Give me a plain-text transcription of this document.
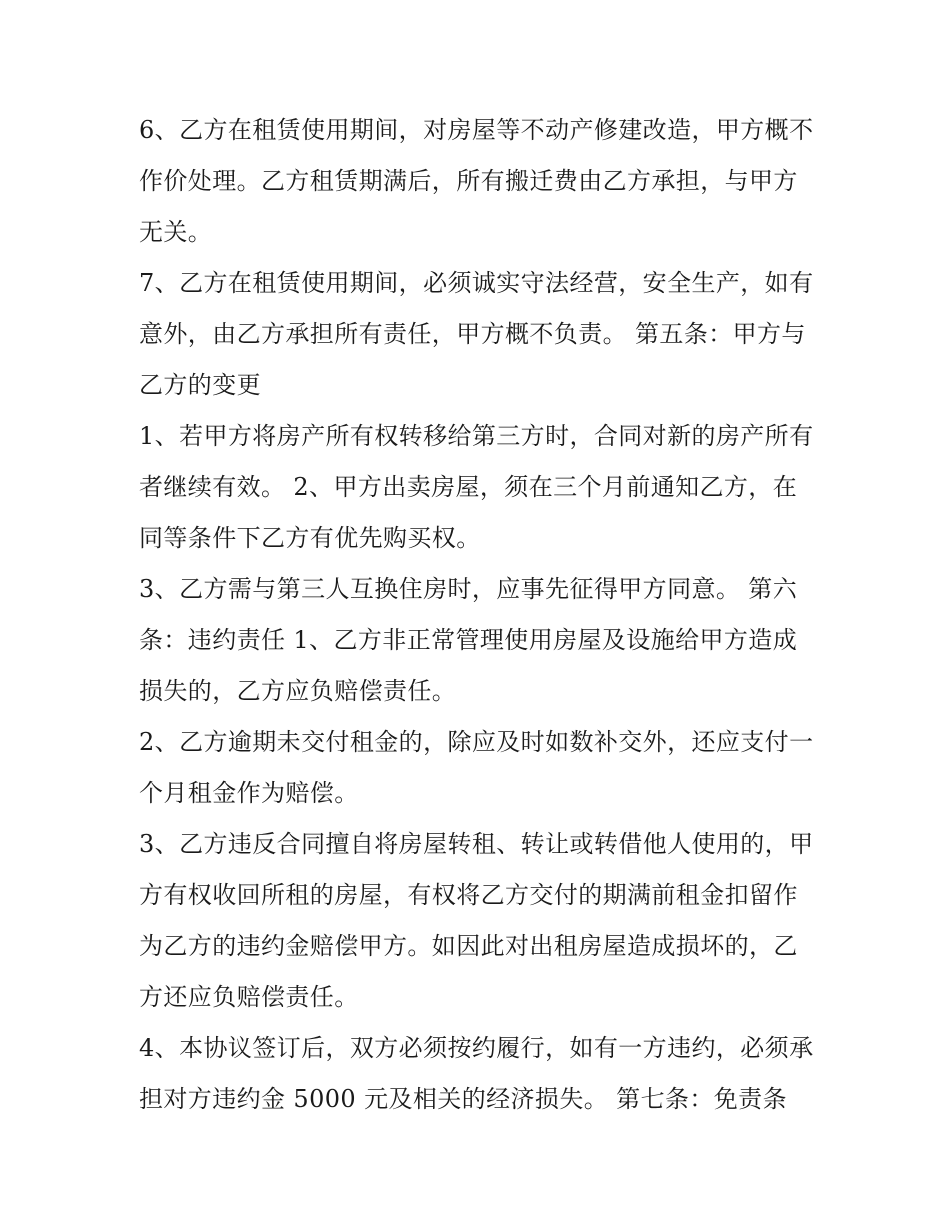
6、乙方在租赁使用期间，对房屋等不动产修建改造，甲方概不作价处理。乙方租赁期满后，所有搬迁费由乙方承担，与甲方无关。

7、乙方在租赁使用期间，必须诚实守法经营，安全生产，如有意外，由乙方承担所有责任，甲方概不负责。 第五条：甲方与乙方的变更

1、若甲方将房产所有权转移给第三方时，合同对新的房产所有者继续有效。 2、甲方出卖房屋，须在三个月前通知乙方，在同等条件下乙方有优先购买权。

3、乙方需与第三人互换住房时，应事先征得甲方同意。 第六条：违约责任 1、乙方非正常管理使用房屋及设施给甲方造成损失的，乙方应负赔偿责任。

2、乙方逾期未交付租金的，除应及时如数补交外，还应支付一个月租金作为赔偿。

3、乙方违反合同擅自将房屋转租、转让或转借他人使用的，甲方有权收回所租的房屋，有权将乙方交付的期满前租金扣留作为乙方的违约金赔偿甲方。如因此对出租房屋造成损坏的，乙方还应负赔偿责任。

4、本协议签订后，双方必须按约履行，如有一方违约，必须承担对方违约金 5000 元及相关的经济损失。 第七条：免责条
